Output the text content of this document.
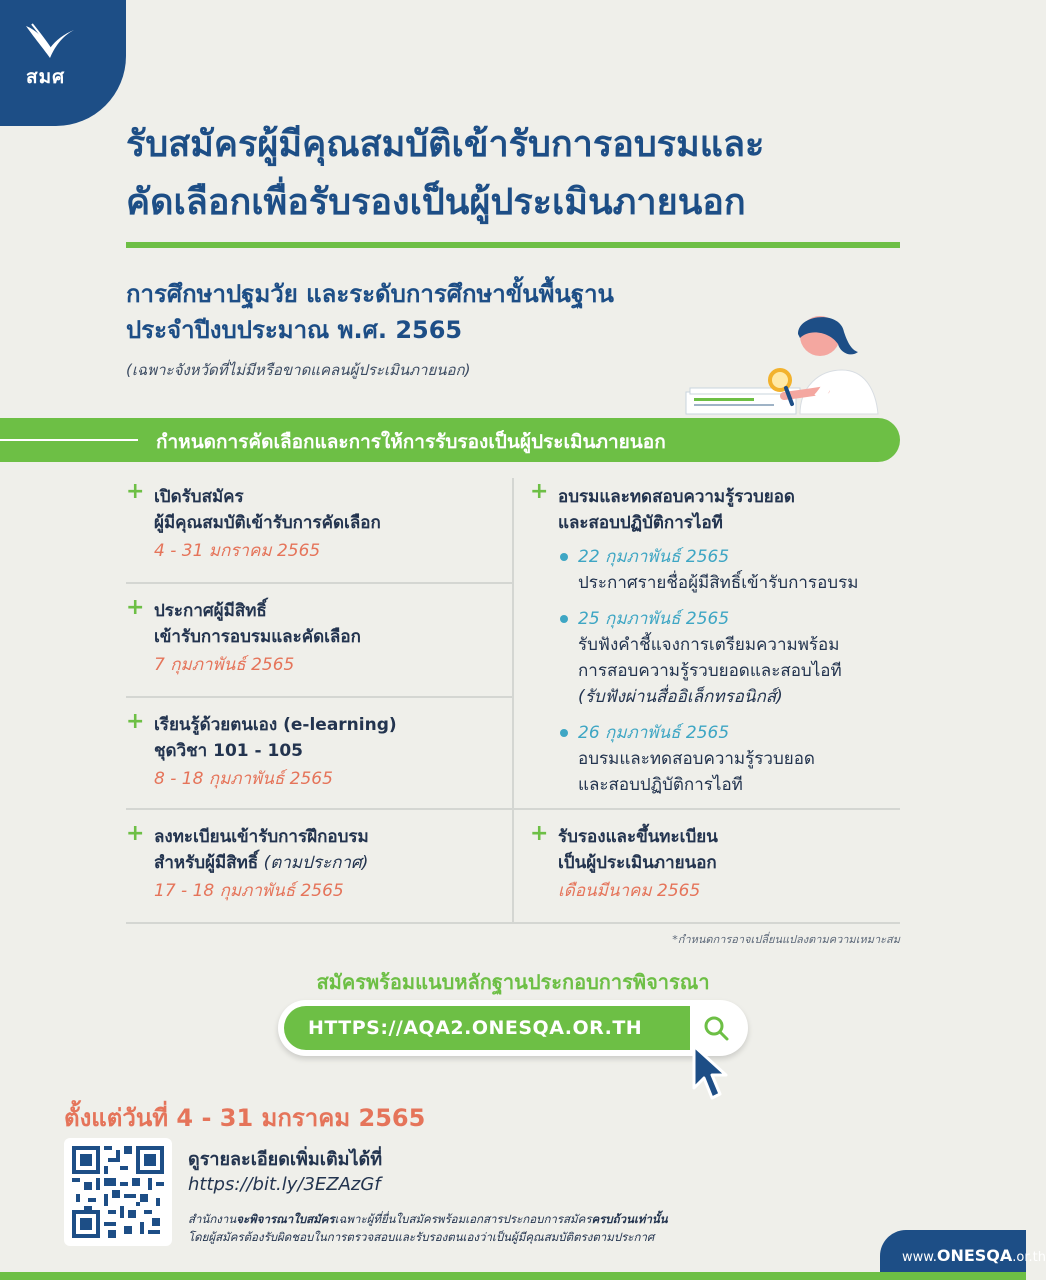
สมศ
รับสมัครผู้มีคุณสมบัติเข้ารับการอบรมและ
คัดเลือกเพื่อรับรองเป็นผู้ประเมินภายนอก
การศึกษาปฐมวัย และระดับการศึกษาขั้นพื้นฐาน
ประจำปีงบประมาณ พ.ศ. 2565
(เฉพาะจังหวัดที่ไม่มีหรือขาดแคลนผู้ประเมินภายนอก)
กำหนดการคัดเลือกและการให้การรับรองเป็นผู้ประเมินภายนอก
+ เปิดรับสมัคร
ผู้มีคุณสมบัติเข้ารับการคัดเลือก
4 - 31 มกราคม 2565
+ ประกาศผู้มีสิทธิ์
เข้ารับการอบรมและคัดเลือก
7 กุมภาพันธ์ 2565
+ เรียนรู้ด้วยตนเอง (e-learning)
ชุดวิชา 101 - 105
8 - 18 กุมภาพันธ์ 2565
+ ลงทะเบียนเข้ารับการฝึกอบรม
สำหรับผู้มีสิทธิ์ (ตามประกาศ)
17 - 18 กุมภาพันธ์ 2565
+ อบรมและทดสอบความรู้รวบยอด
และสอบปฏิบัติการไอที
22 กุมภาพันธ์ 2565
ประกาศรายชื่อผู้มีสิทธิ์เข้ารับการอบรม
25 กุมภาพันธ์ 2565
รับฟังคำชี้แจงการเตรียมความพร้อม
การสอบความรู้รวบยอดและสอบไอที
(รับฟังผ่านสื่ออิเล็กทรอนิกส์)
26 กุมภาพันธ์ 2565
อบรมและทดสอบความรู้รวบยอด
และสอบปฏิบัติการไอที
+ รับรองและขึ้นทะเบียน
เป็นผู้ประเมินภายนอก
เดือนมีนาคม 2565
*กำหนดการอาจเปลี่ยนแปลงตามความเหมาะสม
สมัครพร้อมแนบหลักฐานประกอบการพิจารณา
HTTPS://AQA2.ONESQA.OR.TH
ตั้งแต่วันที่ 4 - 31 มกราคม 2565
ดูรายละเอียดเพิ่มเติมได้ที่
https://bit.ly/3EZAzGf
สำนักงานจะพิจารณาใบสมัครเฉพาะผู้ที่ยื่นใบสมัครพร้อมเอกสารประกอบการสมัครครบถ้วนเท่านั้น
โดยผู้สมัครต้องรับผิดชอบในการตรวจสอบและรับรองตนเองว่าเป็นผู้มีคุณสมบัติตรงตามประกาศ
www.ONESQA.or.th
